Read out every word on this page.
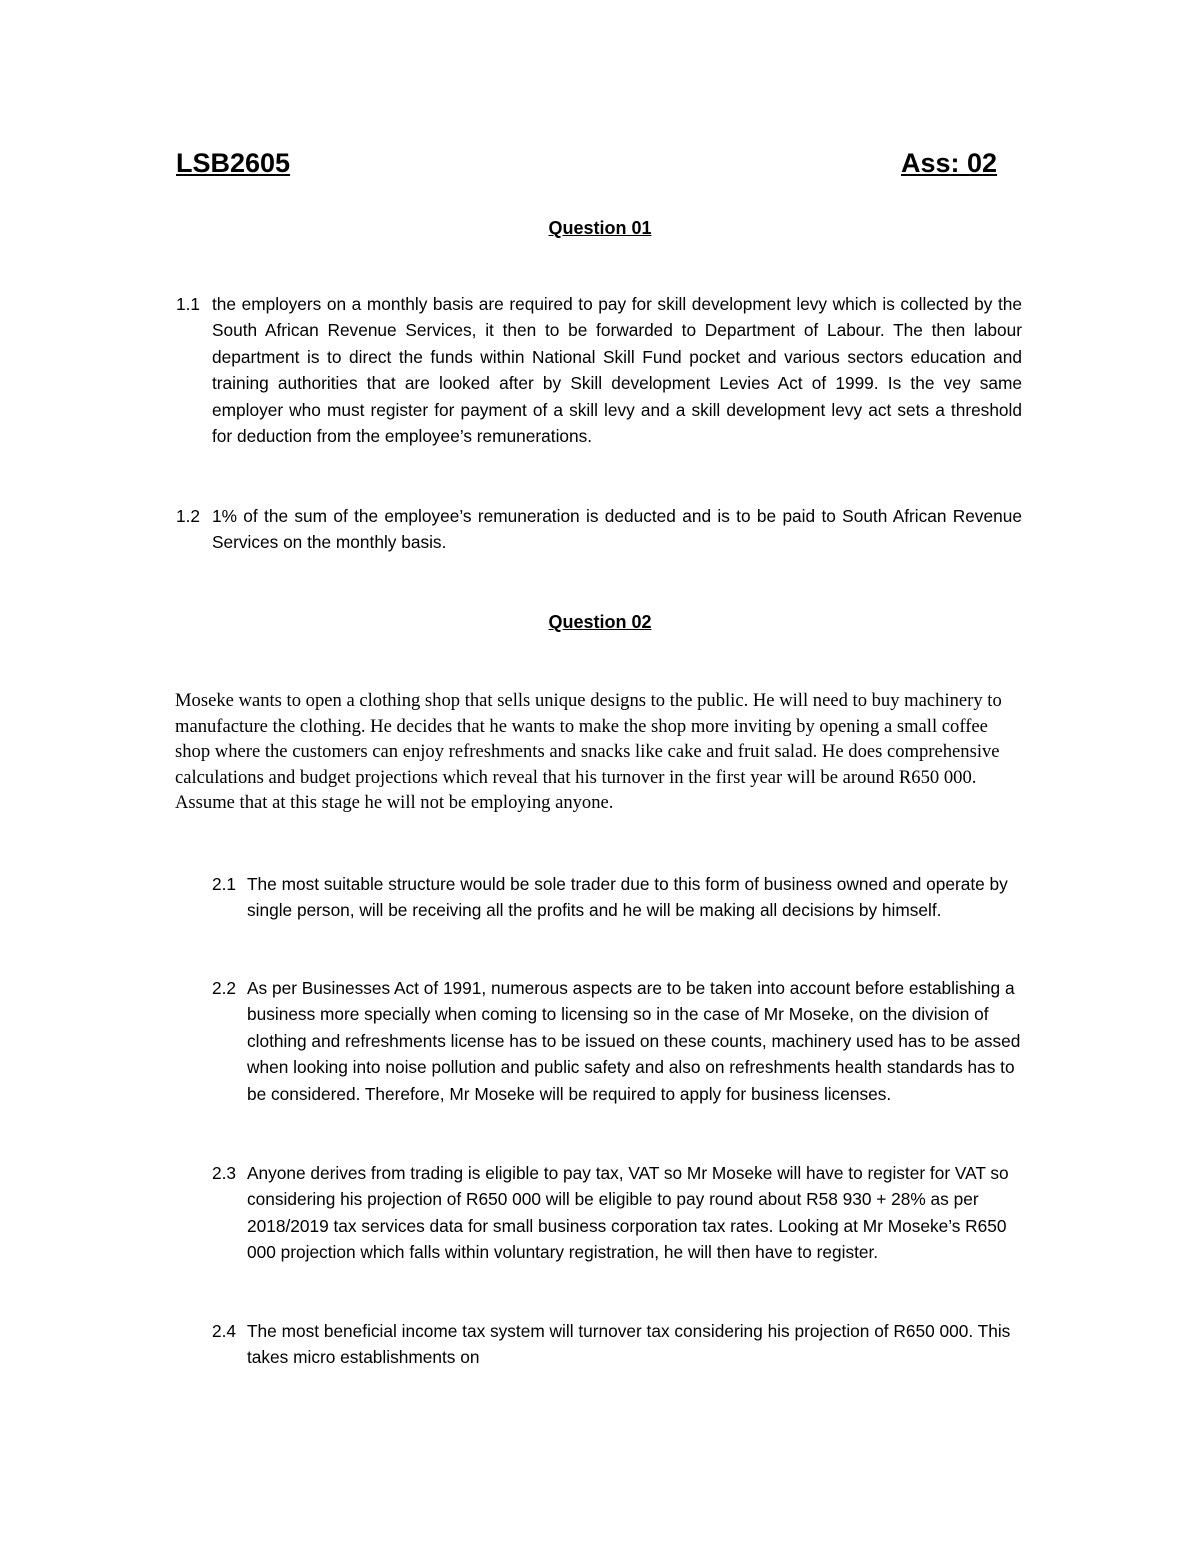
LSB2605	Ass: 02
Question 01
1.1 the employers on a monthly basis are required to pay for skill development levy which is collected by the South African Revenue Services, it then to be forwarded to Department of Labour. The then labour department is to direct the funds within National Skill Fund pocket and various sectors education and training authorities that are looked after by Skill development Levies Act of 1999. Is the vey same employer who must register for payment of a skill levy and a skill development levy act sets a threshold for deduction from the employee’s remunerations.
1.2 1% of the sum of the employee’s remuneration is deducted and is to be paid to South African Revenue Services on the monthly basis.
Question 02
Moseke wants to open a clothing shop that sells unique designs to the public. He will need to buy machinery to manufacture the clothing. He decides that he wants to make the shop more inviting by opening a small coffee shop where the customers can enjoy refreshments and snacks like cake and fruit salad. He does comprehensive calculations and budget projections which reveal that his turnover in the first year will be around R650 000. Assume that at this stage he will not be employing anyone.
2.1 The most suitable structure would be sole trader due to this form of business owned and operate by single person, will be receiving all the profits and he will be making all decisions by himself.
2.2 As per Businesses Act of 1991, numerous aspects are to be taken into account before establishing a business more specially when coming to licensing so in the case of Mr Moseke, on the division of clothing and refreshments license has to be issued on these counts, machinery used has to be assed when looking into noise pollution and public safety and also on refreshments health standards has to be considered. Therefore, Mr Moseke will be required to apply for business licenses.
2.3 Anyone derives from trading is eligible to pay tax, VAT so Mr Moseke will have to register for VAT so considering his projection of R650 000 will be eligible to pay round about R58 930 + 28% as per 2018/2019 tax services data for small business corporation tax rates. Looking at Mr Moseke’s R650 000 projection which falls within voluntary registration, he will then have to register.
2.4 The most beneficial income tax system will turnover tax considering his projection of R650 000. This takes micro establishments on
